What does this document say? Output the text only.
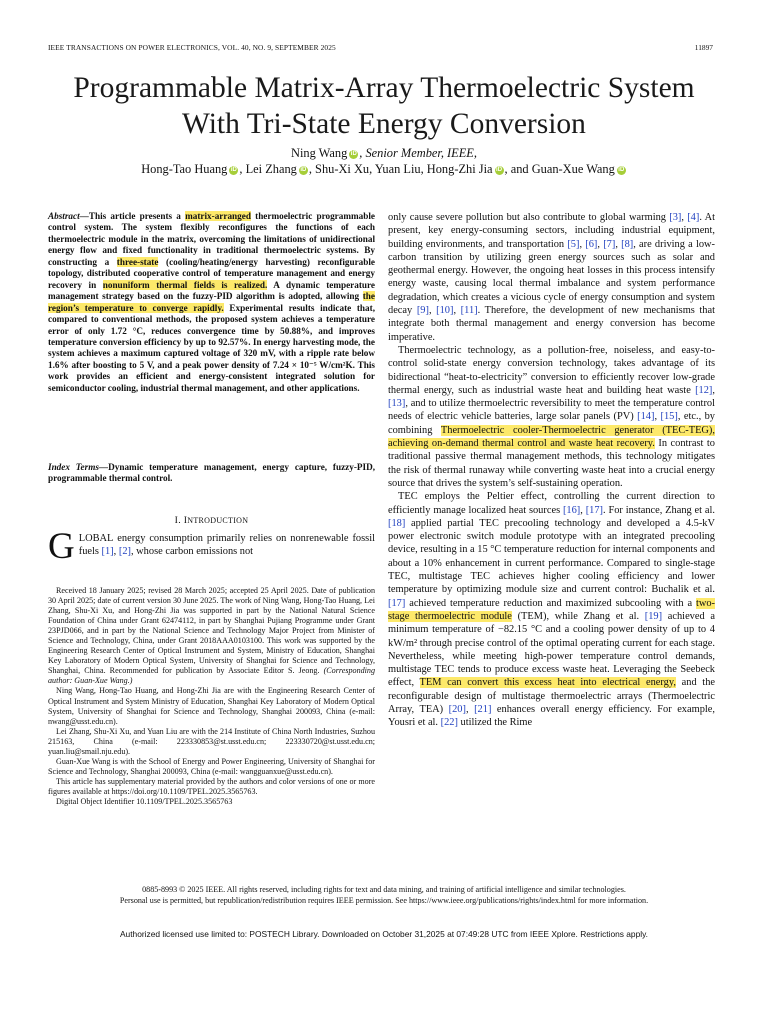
IEEE TRANSACTIONS ON POWER ELECTRONICS, VOL. 40, NO. 9, SEPTEMBER 2025	11897
Programmable Matrix-Array Thermoelectric System
With Tri-State Energy Conversion
Ning Wang iD , Senior Member, IEEE,
Hong-Tao Huang iD , Lei Zhang iD , Shu-Xi Xu, Yuan Liu, Hong-Zhi Jia iD , and Guan-Xue Wang iD
Abstract—This article presents a matrix-arranged thermoelectric programmable control system. The system flexibly reconfigures the functions of each thermoelectric module in the matrix, overcoming the limitations of unidirectional energy flow and fixed functionality in traditional thermoelectric systems. By constructing a three-state (cooling/heating/energy harvesting) reconfigurable topology, distributed cooperative control of temperature management and energy recovery in nonuniform thermal fields is realized. A dynamic temperature management strategy based on the fuzzy-PID algorithm is adopted, allowing the region’s temperature to converge rapidly. Experimental results indicate that, compared to conventional methods, the proposed system achieves a temperature error of only 1.72 °C, reduces convergence time by 50.88%, and improves temperature conversion efficiency by up to 92.57%. In energy harvesting mode, the system achieves a maximum captured voltage of 320 mV, with a ripple rate below 1.6% after boosting to 5 V, and a peak power density of 7.24 × 10⁻⁵ W/cm²K. This work provides an efficient and energy-consistent integrated solution for semiconductor cooling, industrial thermal management, and other applications.
Index Terms—Dynamic temperature management, energy capture, fuzzy-PID, programmable thermal control.
I. INTRODUCTION
GLOBAL energy consumption primarily relies on nonrenewable fossil fuels [1], [2], whose carbon emissions not

Received 18 January 2025; revised 28 March 2025; accepted 25 April 2025. Date of publication 30 April 2025; date of current version 30 June 2025. The work of Ning Wang, Hong-Tao Huang, Lei Zhang, Shu-Xi Xu, and Hong-Zhi Jia was supported in part by the National Natural Science Foundation of China under Grant 62474112, in part by Shanghai Pujiang Programme under Grant 23PJD066, and in part by the National Science and Technology Major Project from Minister of Science and Technology, China, under Grant 2018AAA0103100. This work was supported by the Engineering Research Center of Optical Instrument and System, Ministry of Education, Shanghai Key Laboratory of Modern Optical System, University of Shanghai for Science and Technology, Shanghai, China. Recommended for publication by Associate Editor S. Jeong. (Corresponding author: Guan-Xue Wang.)

Ning Wang, Hong-Tao Huang, and Hong-Zhi Jia are with the Engineering Research Center of Optical Instrument and System Ministry of Education, Shanghai Key Laboratory of Modern Optical System, University of Shanghai for Science and Technology, Shanghai 200093, China (e-mail: nwang@usst.edu.cn).

Lei Zhang, Shu-Xi Xu, and Yuan Liu are with the 214 Institute of China North Industries, Suzhou 215163, China (e-mail: 223330853@st.usst.edu.cn; 223330720@st.usst.edu.cn; yuan.liu@smail.nju.edu).

Guan-Xue Wang is with the School of Energy and Power Engineering, University of Shanghai for Science and Technology, Shanghai 200093, China (e-mail: wangguanxue@usst.edu.cn).

This article has supplementary material provided by the authors and color versions of one or more figures available at https://doi.org/10.1109/TPEL.2025.3565763.

Digital Object Identifier 10.1109/TPEL.2025.3565763

only cause severe pollution but also contribute to global warming [3], [4]. At present, key energy-consuming sectors, including industrial equipment, building environments, and transportation [5], [6], [7], [8], are driving a low-carbon transition by utilizing green energy sources such as solar and geothermal energy. However, the ongoing heat losses in this process intensify energy waste, causing local thermal imbalance and system performance degradation, which creates a vicious cycle of energy consumption and system decay [9], [10], [11]. Therefore, the development of new mechanisms that integrate both thermal management and energy conversion has become imperative.

Thermoelectric technology, as a pollution-free, noiseless, and easy-to-control solid-state energy conversion technology, takes advantage of its bidirectional “heat-to-electricity” conversion to efficiently recover low-grade thermal energy, such as industrial waste heat and building heat waste [12], [13], and to utilize thermoelectric reversibility to meet the temperature control needs of electric vehicle batteries, large solar panels (PV) [14], [15], etc., by combining Thermoelectric cooler-Thermoelectric generator (TEC-TEG), achieving on-demand thermal control and waste heat recovery. In contrast to traditional passive thermal management methods, this technology mitigates the risk of thermal runaway while converting waste heat into a crucial energy source that drives the system’s self-sustaining operation.

TEC employs the Peltier effect, controlling the current direction to efficiently manage localized heat sources [16], [17]. For instance, Zhang et al. [18] applied partial TEC precooling technology and developed a 4.5-kV power electronic switch module prototype with an integrated precooling device, resulting in a 15 °C temperature reduction for internal components and about a 10% enhancement in current performance. Compared to single-stage TEC, multistage TEC achieves higher cooling efficiency and lower temperature by optimizing module size and current control: Buchalik et al. [17] achieved temperature reduction and maximized subcooling with a two-stage thermoelectric module (TEM), while Zhang et al. [19] achieved a minimum temperature of −82.15 °C and a cooling power density of up to 4 kW/m² through precise control of the optimal operating current for each stage. Nevertheless, while meeting high-power temperature control demands, multistage TEC tends to produce excess waste heat. Leveraging the Seebeck effect, TEM can convert this excess heat into electrical energy, and the reconfigurable design of multistage thermoelectric arrays (Thermoelectric Array, TEA) [20], [21] enhances overall energy efficiency. For example, Yousri et al. [22] utilized the Rime

0885-8993 © 2025 IEEE. All rights reserved, including rights for text and data mining, and training of artificial intelligence and similar technologies.
Personal use is permitted, but republication/redistribution requires IEEE permission. See https://www.ieee.org/publications/rights/index.html for more information.
Authorized licensed use limited to: POSTECH Library. Downloaded on October 31,2025 at 07:49:28 UTC from IEEE Xplore. Restrictions apply.
